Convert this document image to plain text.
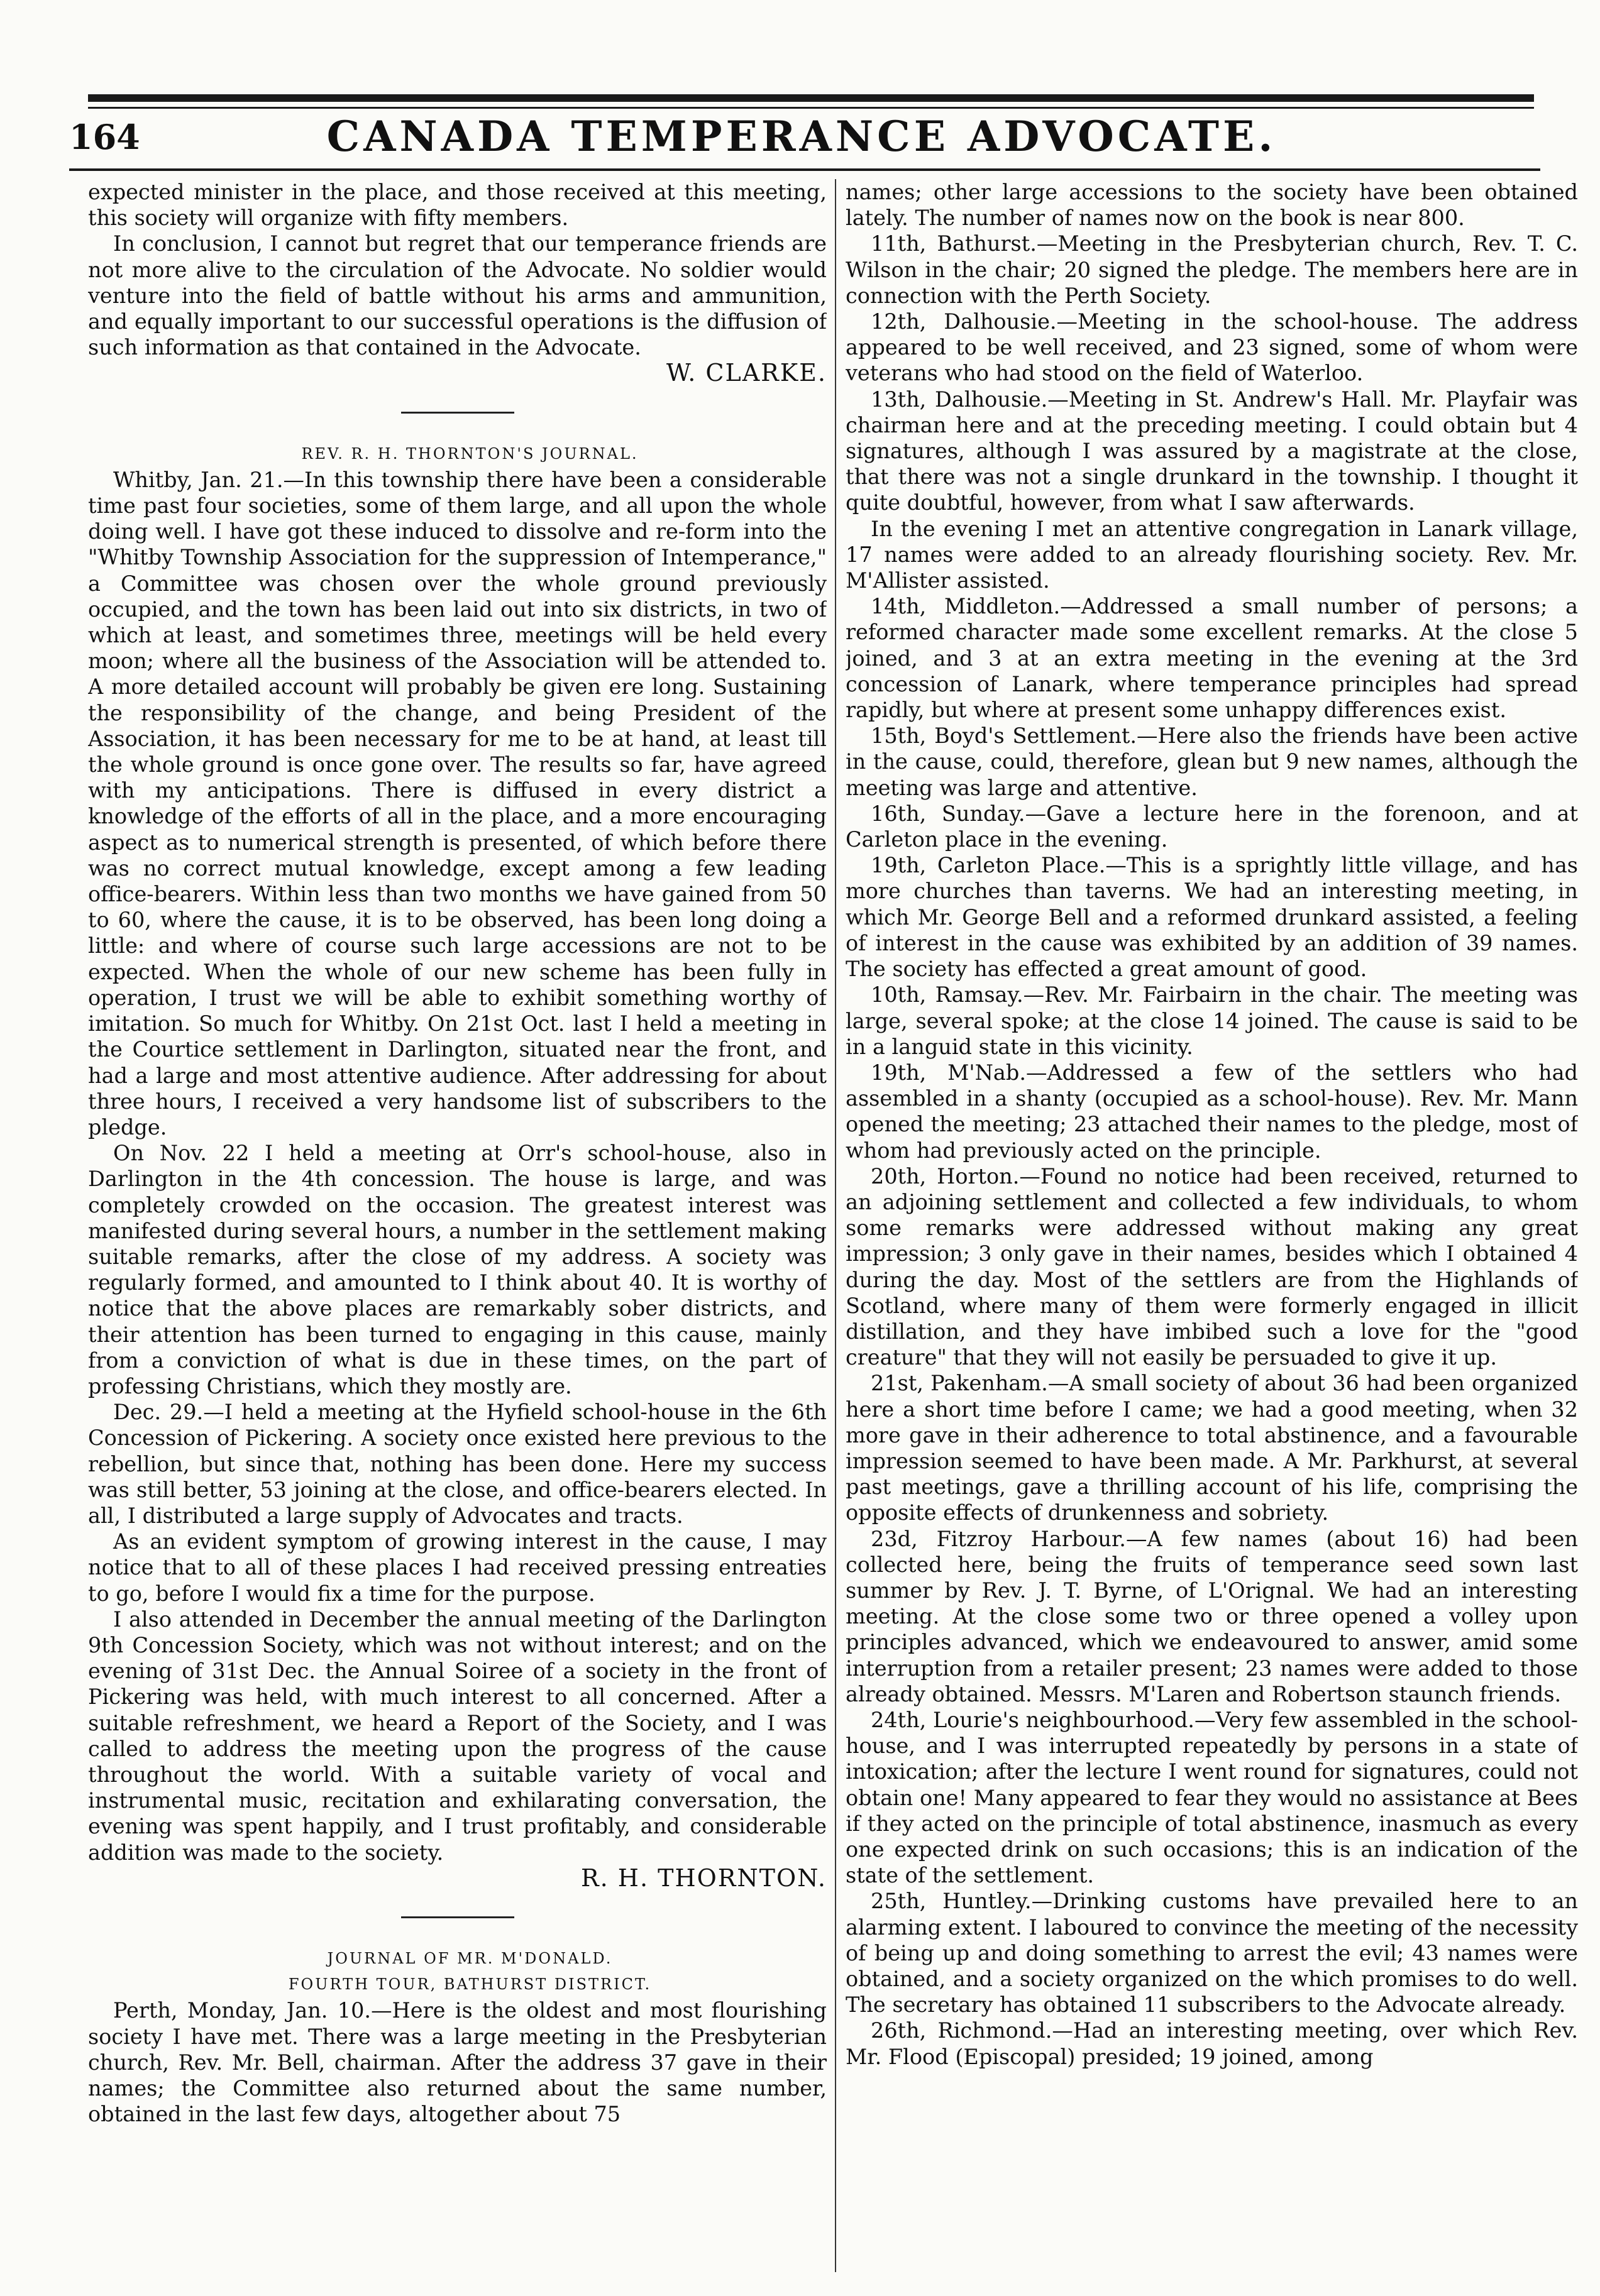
164	CANADA TEMPERANCE ADVOCATE.

expected minister in the place, and those received at this meeting, this society will organize with fifty members.

In conclusion, I cannot but regret that our temperance friends are not more alive to the circulation of the Advocate. No soldier would venture into the field of battle without his arms and ammunition, and equally important to our successful operations is the diffusion of such information as that contained in the Advocate.

W. CLARKE.

REV. R. H. THORNTON'S JOURNAL.

Whitby, Jan. 21.—In this township there have been a considerable time past four societies, some of them large, and all upon the whole doing well. I have got these induced to dissolve and re-form into the "Whitby Township Association for the suppression of Intemperance," a Committee was chosen over the whole ground previously occupied, and the town has been laid out into six districts, in two of which at least, and sometimes three, meetings will be held every moon; where all the business of the Association will be attended to. A more detailed account will probably be given ere long. Sustaining the responsibility of the change, and being President of the Association, it has been necessary for me to be at hand, at least till the whole ground is once gone over. The results so far, have agreed with my anticipations. There is diffused in every district a knowledge of the efforts of all in the place, and a more encouraging aspect as to numerical strength is presented, of which before there was no correct mutual knowledge, except among a few leading office-bearers. Within less than two months we have gained from 50 to 60, where the cause, it is to be observed, has been long doing a little: and where of course such large accessions are not to be expected. When the whole of our new scheme has been fully in operation, I trust we will be able to exhibit something worthy of imitation. So much for Whitby. On 21st Oct. last I held a meeting in the Courtice settlement in Darlington, situated near the front, and had a large and most attentive audience. After addressing for about three hours, I received a very handsome list of subscribers to the pledge.

On Nov. 22 I held a meeting at Orr's school-house, also in Darlington in the 4th concession. The house is large, and was completely crowded on the occasion. The greatest interest was manifested during several hours, a number in the settlement making suitable remarks, after the close of my address. A society was regularly formed, and amounted to I think about 40. It is worthy of notice that the above places are remarkably sober districts, and their attention has been turned to engaging in this cause, mainly from a conviction of what is due in these times, on the part of professing Christians, which they mostly are.

Dec. 29.—I held a meeting at the Hyfield school-house in the 6th Concession of Pickering. A society once existed here previous to the rebellion, but since that, nothing has been done. Here my success was still better, 53 joining at the close, and office-bearers elected. In all, I distributed a large supply of Advocates and tracts.

As an evident symptom of growing interest in the cause, I may notice that to all of these places I had received pressing entreaties to go, before I would fix a time for the purpose.

I also attended in December the annual meeting of the Darlington 9th Concession Society, which was not without interest; and on the evening of 31st Dec. the Annual Soiree of a society in the front of Pickering was held, with much interest to all concerned. After a suitable refreshment, we heard a Report of the Society, and I was called to address the meeting upon the progress of the cause throughout the world. With a suitable variety of vocal and instrumental music, recitation and exhilarating conversation, the evening was spent happily, and I trust profitably, and considerable addition was made to the society.

R. H. THORNTON.

JOURNAL OF MR. M'DONALD.

FOURTH TOUR, BATHURST DISTRICT.

Perth, Monday, Jan. 10.—Here is the oldest and most flourishing society I have met. There was a large meeting in the Presbyterian church, Rev. Mr. Bell, chairman. After the address 37 gave in their names; the Committee also returned about the same number, obtained in the last few days, altogether about 75

names; other large accessions to the society have been obtained lately. The number of names now on the book is near 800.

11th, Bathurst.—Meeting in the Presbyterian church, Rev. T. C. Wilson in the chair; 20 signed the pledge. The members here are in connection with the Perth Society.

12th, Dalhousie.—Meeting in the school-house. The address appeared to be well received, and 23 signed, some of whom were veterans who had stood on the field of Waterloo.

13th, Dalhousie.—Meeting in St. Andrew's Hall. Mr. Playfair was chairman here and at the preceding meeting. I could obtain but 4 signatures, although I was assured by a magistrate at the close, that there was not a single drunkard in the township. I thought it quite doubtful, however, from what I saw afterwards.

In the evening I met an attentive congregation in Lanark village, 17 names were added to an already flourishing society. Rev. Mr. M'Allister assisted.

14th, Middleton.—Addressed a small number of persons; a reformed character made some excellent remarks. At the close 5 joined, and 3 at an extra meeting in the evening at the 3rd concession of Lanark, where temperance principles had spread rapidly, but where at present some unhappy differences exist.

15th, Boyd's Settlement.—Here also the friends have been active in the cause, could, therefore, glean but 9 new names, although the meeting was large and attentive.

16th, Sunday.—Gave a lecture here in the forenoon, and at Carleton place in the evening.

19th, Carleton Place.—This is a sprightly little village, and has more churches than taverns. We had an interesting meeting, in which Mr. George Bell and a reformed drunkard assisted, a feeling of interest in the cause was exhibited by an addition of 39 names. The society has effected a great amount of good.

10th, Ramsay.—Rev. Mr. Fairbairn in the chair. The meeting was large, several spoke; at the close 14 joined. The cause is said to be in a languid state in this vicinity.

19th, M'Nab.—Addressed a few of the settlers who had assembled in a shanty (occupied as a school-house). Rev. Mr. Mann opened the meeting; 23 attached their names to the pledge, most of whom had previously acted on the principle.

20th, Horton.—Found no notice had been received, returned to an adjoining settlement and collected a few individuals, to whom some remarks were addressed without making any great impression; 3 only gave in their names, besides which I obtained 4 during the day. Most of the settlers are from the Highlands of Scotland, where many of them were formerly engaged in illicit distillation, and they have imbibed such a love for the "good creature" that they will not easily be persuaded to give it up.

21st, Pakenham.—A small society of about 36 had been organized here a short time before I came; we had a good meeting, when 32 more gave in their adherence to total abstinence, and a favourable impression seemed to have been made. A Mr. Parkhurst, at several past meetings, gave a thrilling account of his life, comprising the opposite effects of drunkenness and sobriety.

23d, Fitzroy Harbour.—A few names (about 16) had been collected here, being the fruits of temperance seed sown last summer by Rev. J. T. Byrne, of L'Orignal. We had an interesting meeting. At the close some two or three opened a volley upon principles advanced, which we endeavoured to answer, amid some interruption from a retailer present; 23 names were added to those already obtained. Messrs. M'Laren and Robertson staunch friends.

24th, Lourie's neighbourhood.—Very few assembled in the school-house, and I was interrupted repeatedly by persons in a state of intoxication; after the lecture I went round for signatures, could not obtain one! Many appeared to fear they would no assistance at Bees if they acted on the principle of total abstinence, inasmuch as every one expected drink on such occasions; this is an indication of the state of the settlement.

25th, Huntley.—Drinking customs have prevailed here to an alarming extent. I laboured to convince the meeting of the necessity of being up and doing something to arrest the evil; 43 names were obtained, and a society organized on the which promises to do well. The secretary has obtained 11 subscribers to the Advocate already.

26th, Richmond.—Had an interesting meeting, over which Rev. Mr. Flood (Episcopal) presided; 19 joined, among
